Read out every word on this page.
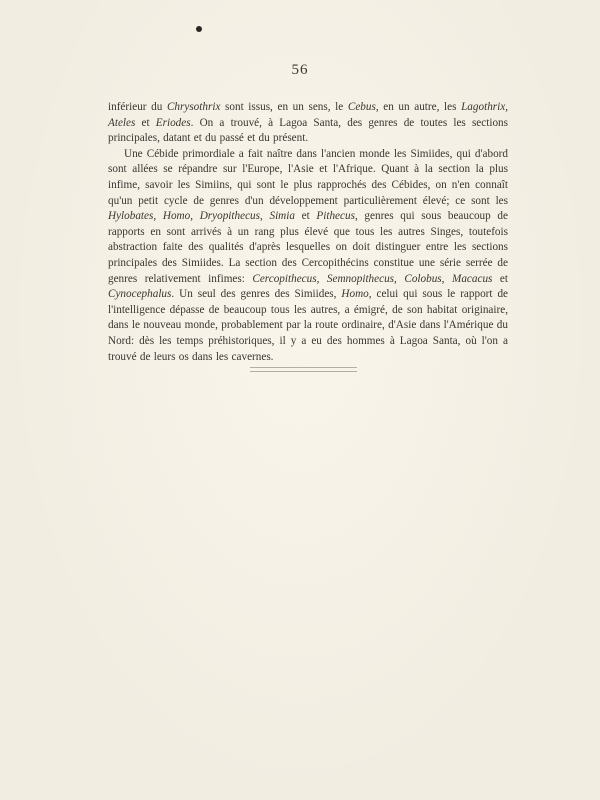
56

inférieur du Chrysothrix sont issus, en un sens, le Cebus, en un autre, les Lagothrix, Ateles et Eriodes. On a trouvé, à Lagoa Santa, des genres de toutes les sections principales, datant et du passé et du présent.

Une Cébide primordiale a fait naître dans l'ancien monde les Simiides, qui d'abord sont allées se répandre sur l'Europe, l'Asie et l'Afrique. Quant à la section la plus infime, savoir les Simiins, qui sont le plus rapprochés des Cébides, on n'en connaît qu'un petit cycle de genres d'un développement particulièrement élevé; ce sont les Hylobates, Homo, Dryopithecus, Simia et Pithecus, genres qui sous beaucoup de rapports en sont arrivés à un rang plus élevé que tous les autres Singes, toutefois abstraction faite des qualités d'après lesquelles on doit distinguer entre les sections principales des Simiides. La section des Cercopithécins constitue une série serrée de genres relativement infimes: Cercopithecus, Semnopithecus, Colobus, Macacus et Cynocephalus. Un seul des genres des Simiides, Homo, celui qui sous le rapport de l'intelligence dépasse de beaucoup tous les autres, a émigré, de son habitat originaire, dans le nouveau monde, probablement par la route ordinaire, d'Asie dans l'Amérique du Nord: dès les temps préhistoriques, il y a eu des hommes à Lagoa Santa, où l'on a trouvé de leurs os dans les cavernes.
